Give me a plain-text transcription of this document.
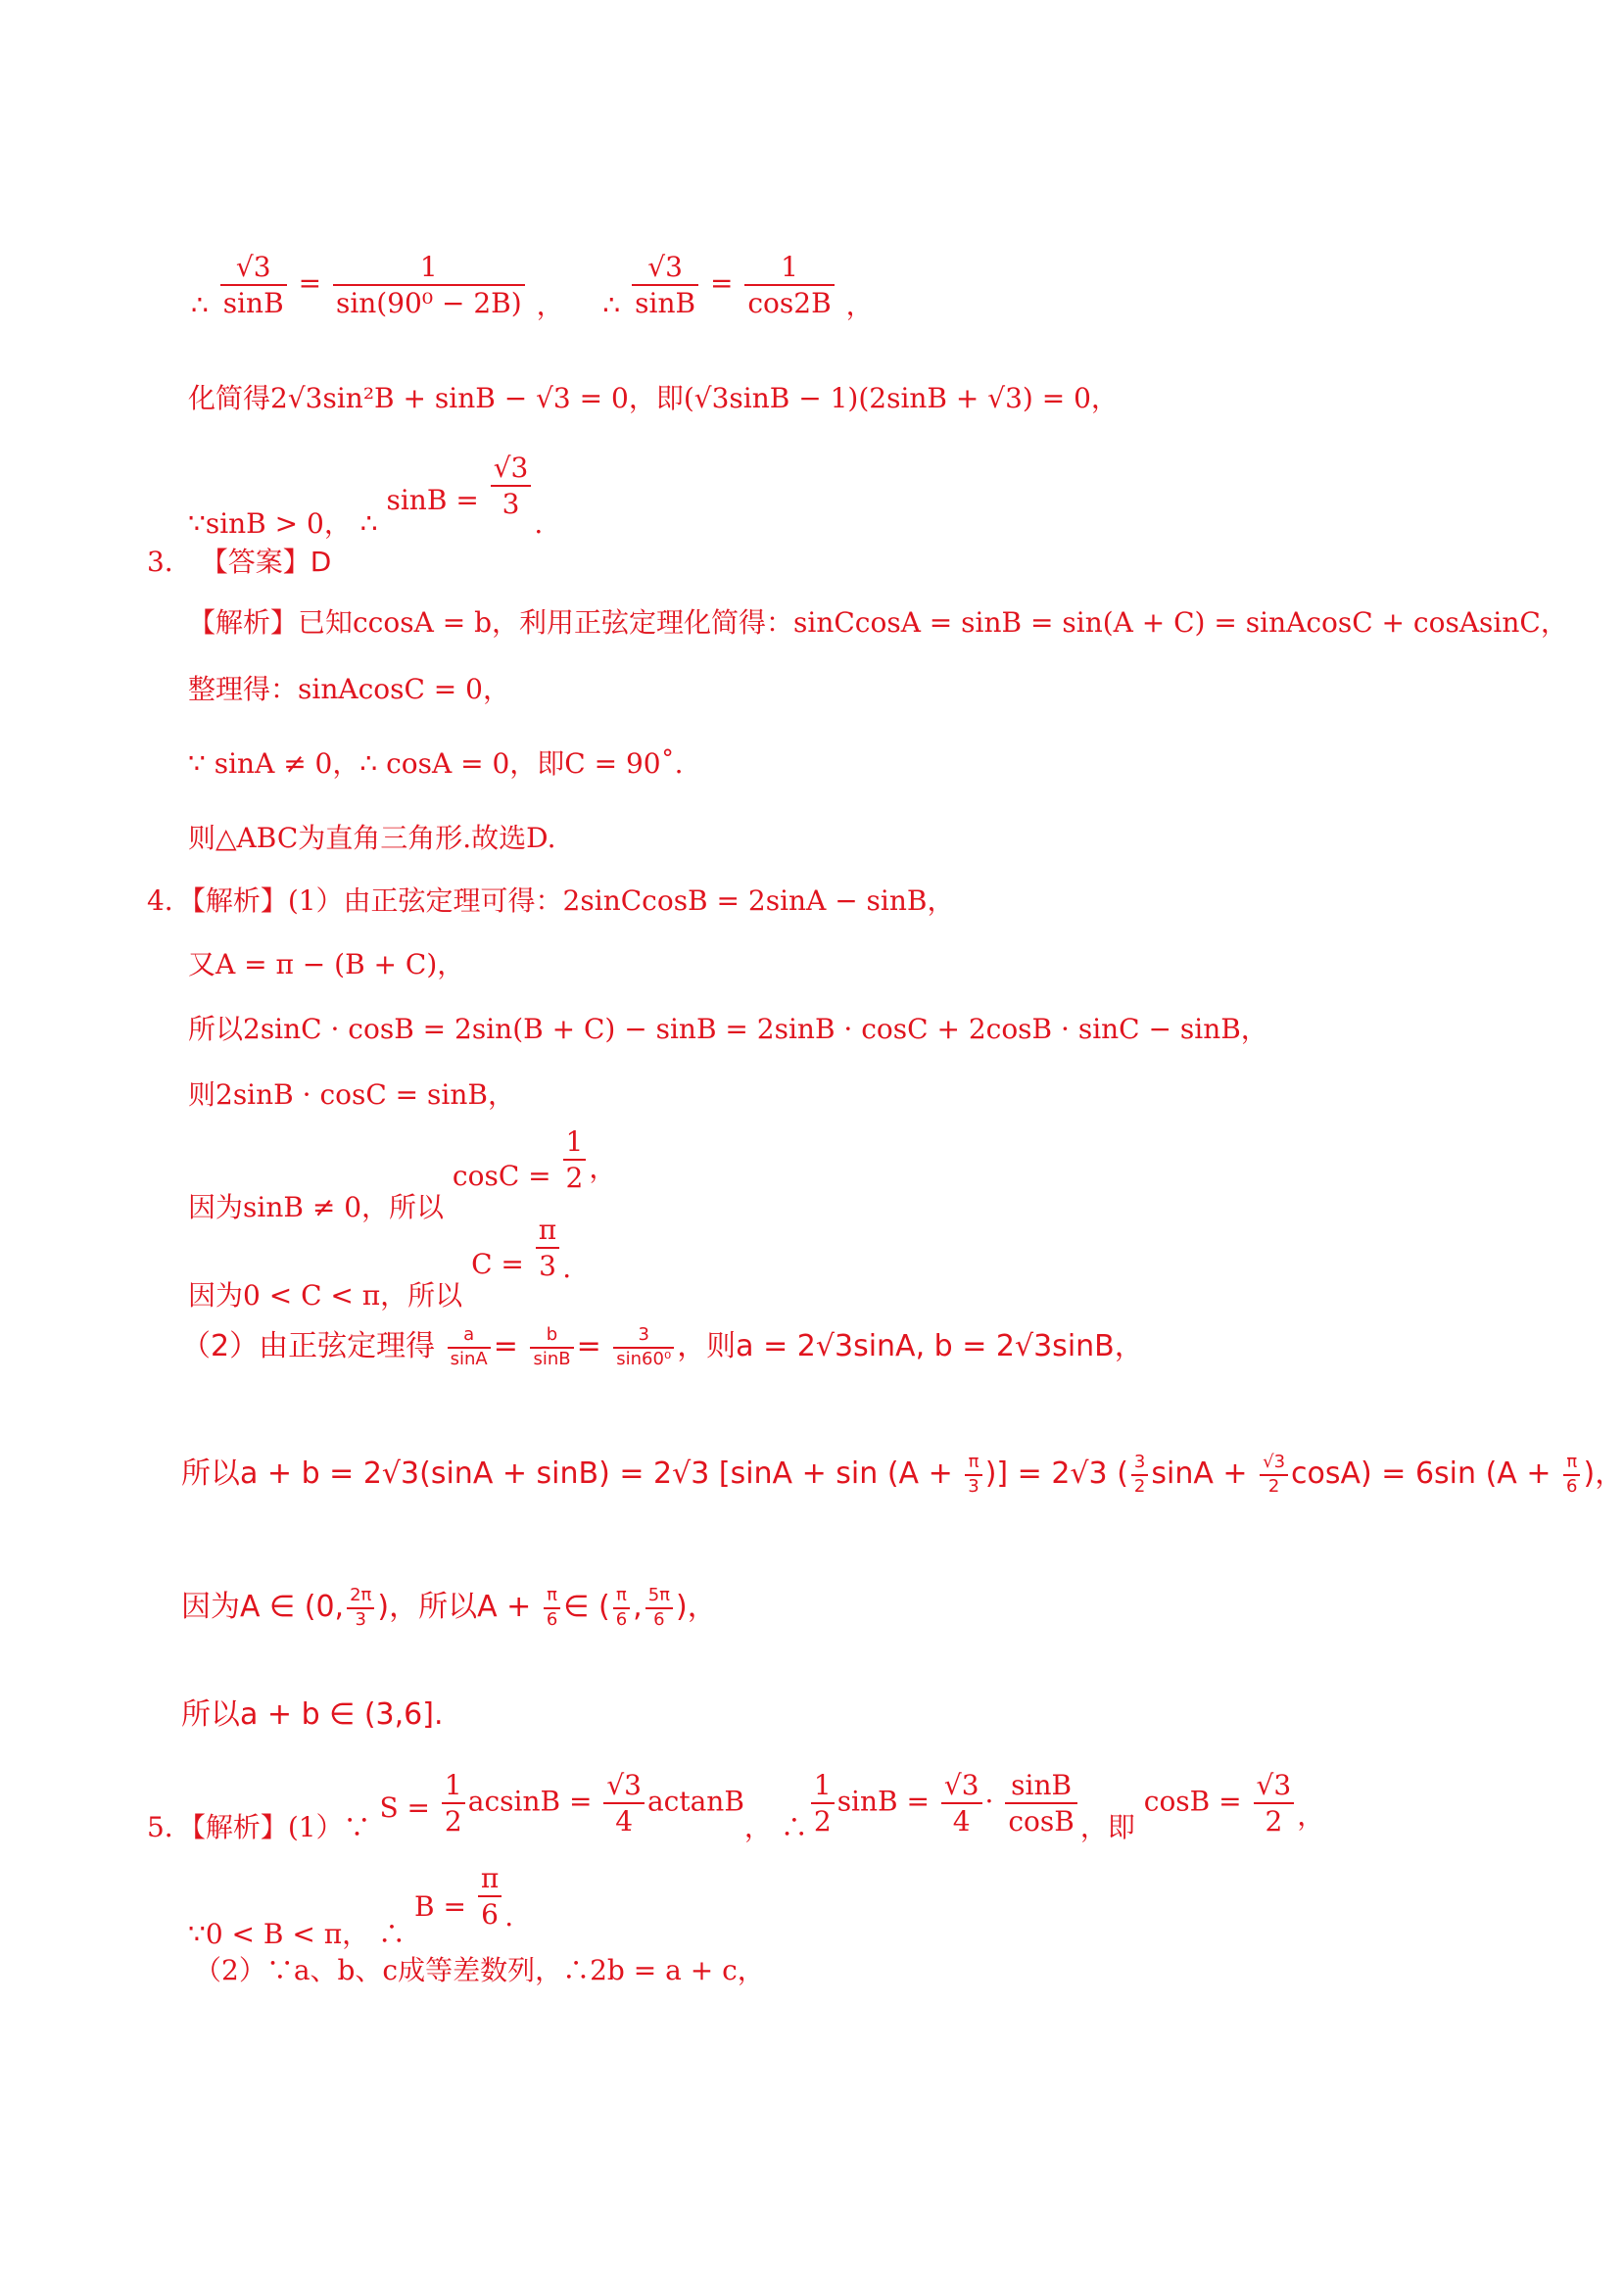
∴ $\frac{√3}{\sin B} = \frac{1}{\text{sin(90⁰ − 2B)}}$ ， ∴ $\frac{√3}{\sin B} = \frac{1}{\cos 2B}$ ，
化简得2√3sin²B + sinB − √3 = 0，即(√3sinB − 1)(2sinB + √3) = 0，
∵sinB > 0， ∴ $\sin B = \frac{√3}{3}$
.
3． 【答案】D
【解析】已知ccosA = b，利用正弦定理化简得：sinCcosA = sinB = sin(A + C) = sinAcosC + cosAsinC，
整理得：sinAcosC = 0，
∵ sinA ≠ 0，∴ cosA = 0，即C = 90˚.
则△ABC为直角三角形.故选D.
4．【解析】(1）由正弦定理可得：2sinCcosB = 2sinA − sinB，
又A = π − (B + C)，
所以2sinC · cosB = 2sin(B + C) − sinB = 2sinB · cosC + 2cosB · sinC − sinB，
则2sinB · cosC = sinB，
因为sinB ≠ 0，所以 $\cos C = \frac{1}{2}$ ，
因为0 < C < π，所以 $C = \frac{\pi}{3}$ .
（2）由正弦定理得 $\frac{a}{\sin A} = \frac{b}{\sin B} = \frac{3}{\text{sin60⁰}}$ ，则a = 2√3sinA, b = 2√3sinB，
所以a + b = 2√3(sinA + sinB) = 2√3 [$\sin A + \sin (A + \frac{\pi}{3}$ )] = 2√3 ( $\frac{3}{2}$ $\sin A + \frac{√3}{2} \cos A) = 6\sin$ ($A + \frac{\pi}{6}$ )，
因为A ∈ (0, $\frac{2\pi}{3}$ )，所以$A + \frac{\pi}{6}$ ∈ ( $\frac{\pi}{6}$ , $\frac{5\pi}{6}$ )，
所以a + b ∈ (3,6].
5．【解析】(1）∵ $S = \frac{1}{2}$ $acsinB = \frac{√3}{4}$ actanB， ∴ $\frac{1}{2}$ $\sin B = \frac{√3}{4} \cdot \frac{\sin B}{\cos B}$ ，即 $\cos B = \frac{√3}{2}$ ，
∵0 < B < π， ∴ $B = \frac{\pi}{6}$ .
（2）∵a、b、c成等差数列，∴2b = a + c，
